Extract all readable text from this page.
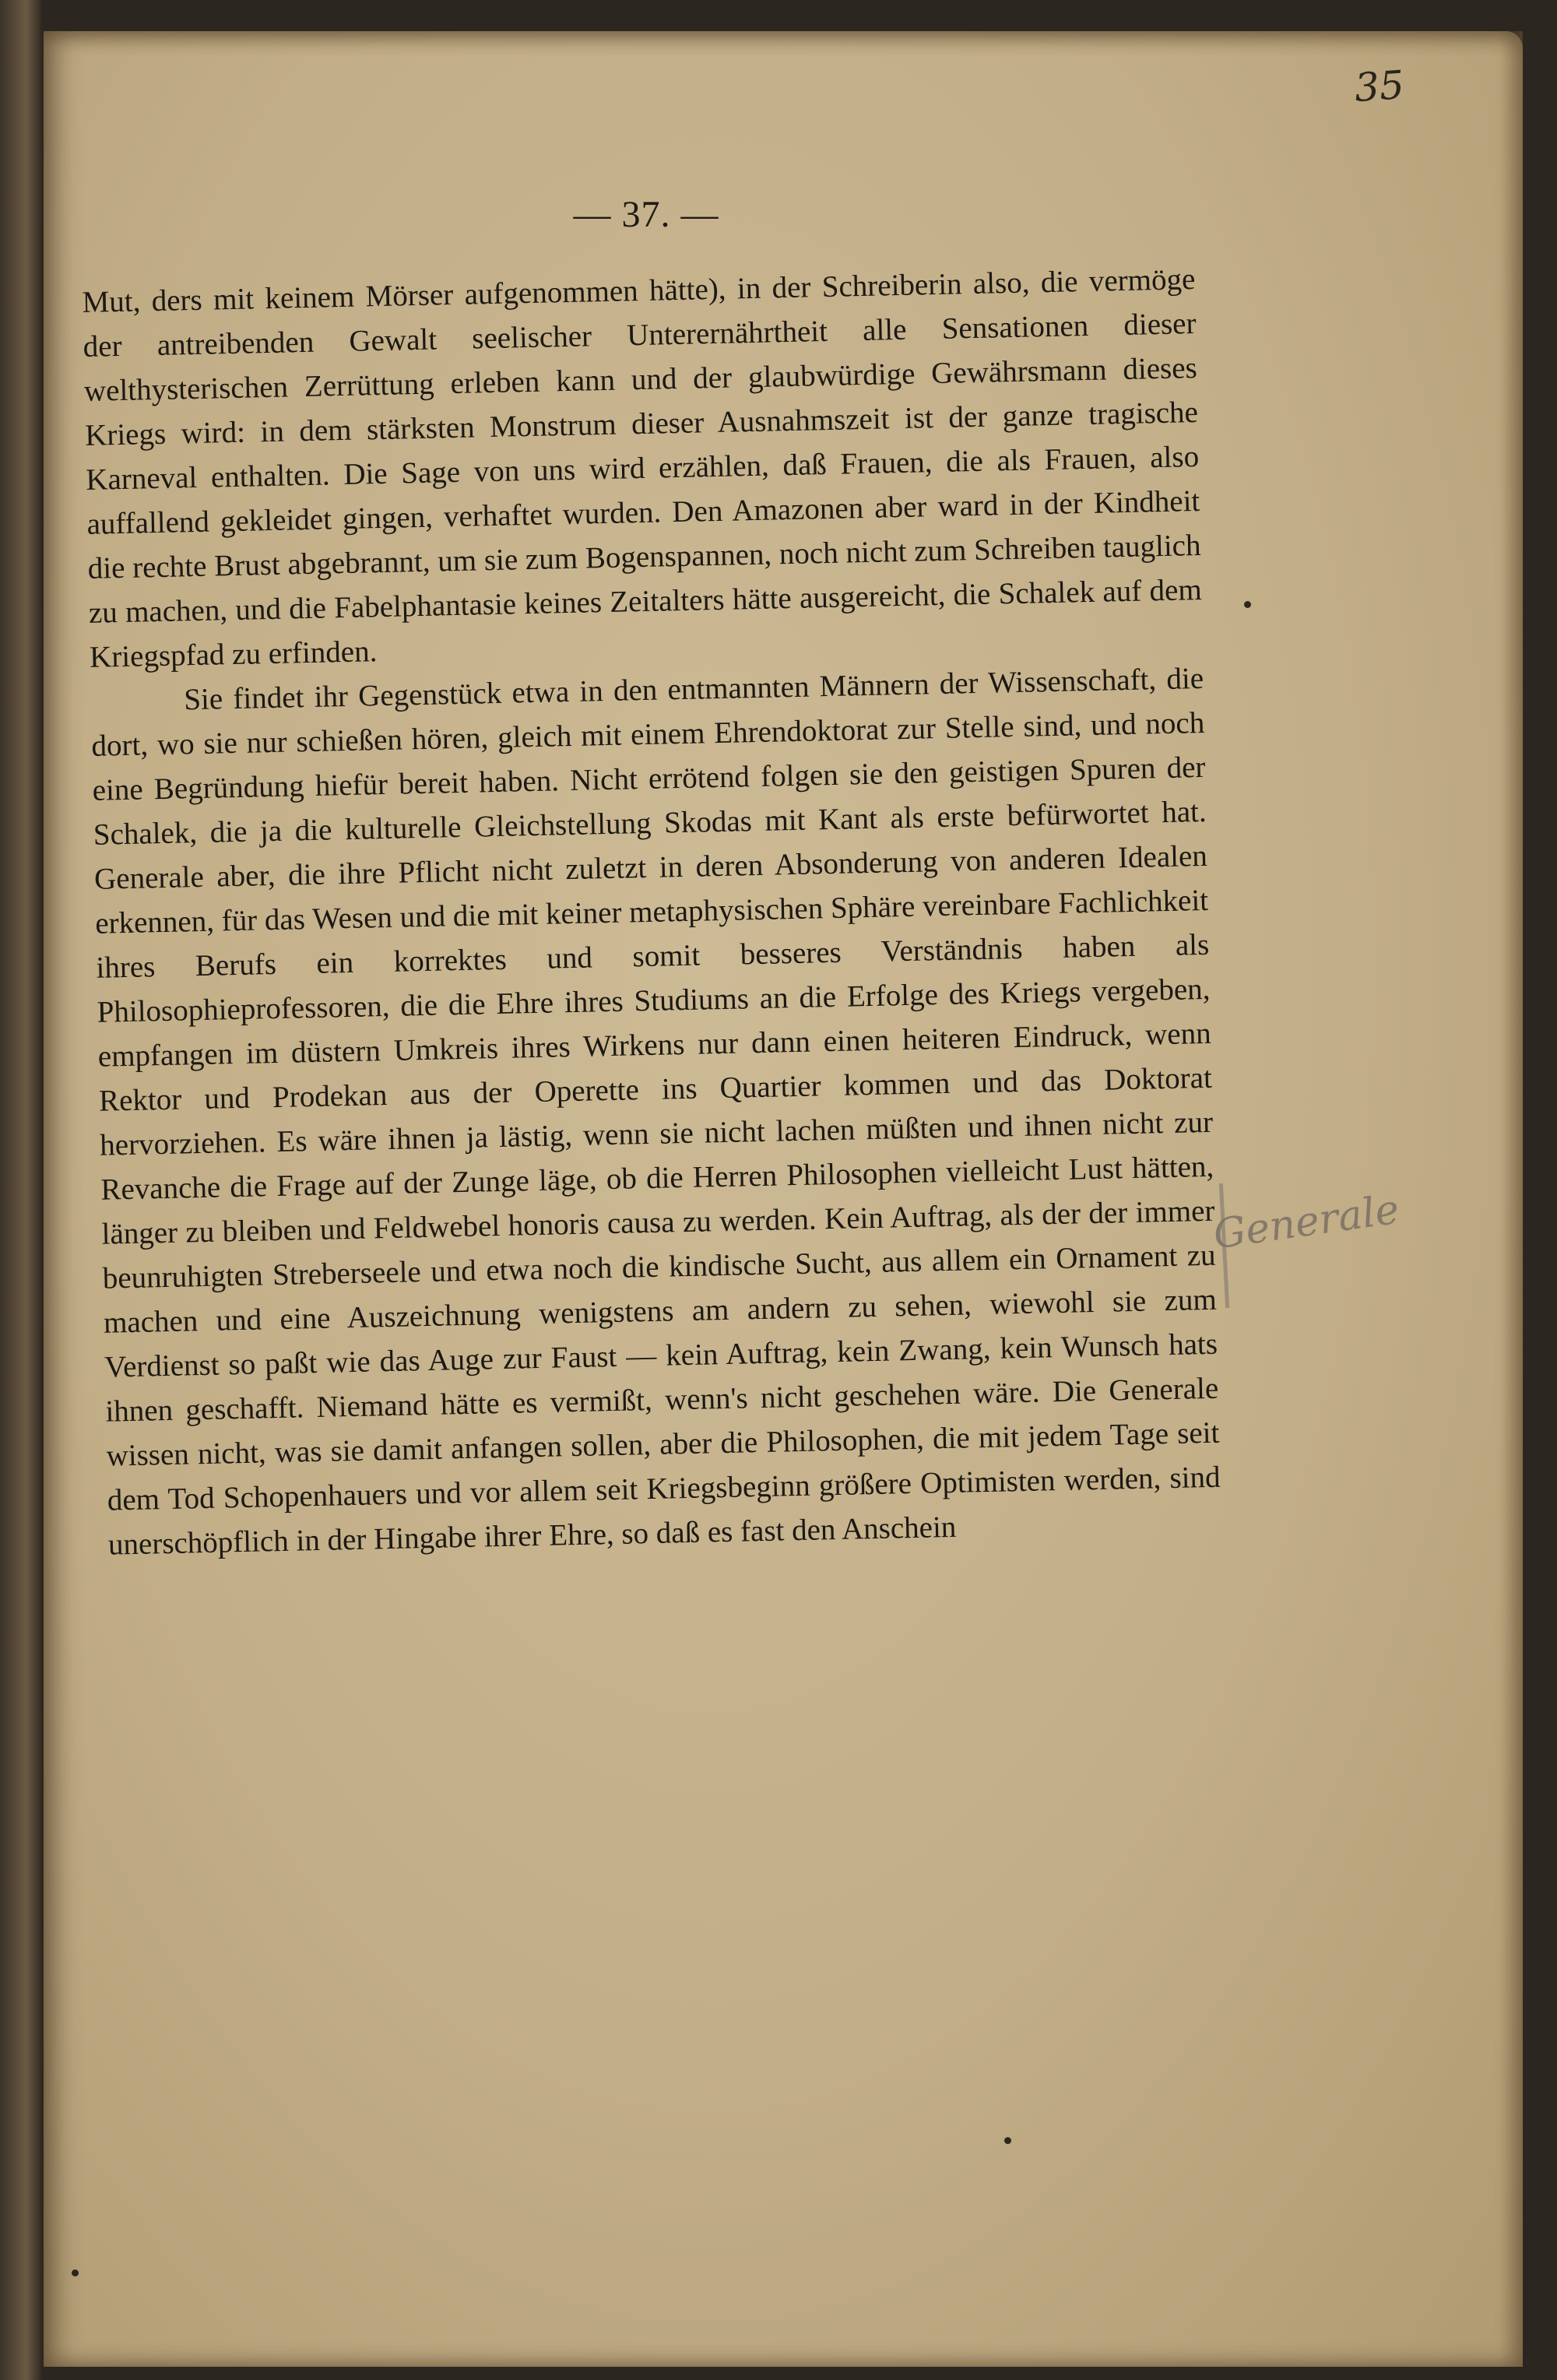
35
— 37. —

Mut, ders mit keinem Mörser aufgenommen hätte), in der Schreiberin also, die vermöge der antreibenden Gewalt seelischer Unterernährtheit alle Sensationen dieser welthysterischen Zerrüttung erleben kann und der glaubwürdige Gewährsmann dieses Kriegs wird: in dem stärksten Monstrum dieser Ausnahmszeit ist der ganze tragische Karneval enthalten. Die Sage von uns wird erzählen, daß Frauen, die als Frauen, also auffallend gekleidet gingen, verhaftet wurden. Den Amazonen aber ward in der Kindheit die rechte Brust abgebrannt, um sie zum Bogenspannen, noch nicht zum Schreiben tauglich zu machen, und die Fabelphantasie keines Zeitalters hätte ausgereicht, die Schalek auf dem Kriegspfad zu erfinden.

Sie findet ihr Gegenstück etwa in den entmannten Männern der Wissenschaft, die dort, wo sie nur schießen hören, gleich mit einem Ehrendoktorat zur Stelle sind, und noch eine Begründung hiefür bereit haben. Nicht errötend folgen sie den geistigen Spuren der Schalek, die ja die kulturelle Gleichstellung Skodas mit Kant als erste befürwortet hat. Generale aber, die ihre Pflicht nicht zuletzt in deren Absonderung von anderen Idealen erkennen, für das Wesen und die mit keiner metaphysischen Sphäre vereinbare Fachlichkeit ihres Berufs ein korrektes und somit besseres Verständnis haben als Philosophieprofessoren, die die Ehre ihres Studiums an die Erfolge des Kriegs vergeben, empfangen im düstern Umkreis ihres Wirkens nur dann einen heiteren Eindruck, wenn Rektor und Prodekan aus der Operette ins Quartier kommen und das Doktorat hervorziehen. Es wäre ihnen ja lästig, wenn sie nicht lachen müßten und ihnen nicht zur Revanche die Frage auf der Zunge läge, ob die Herren Philosophen vielleicht Lust hätten, länger zu bleiben und Feldwebel honoris causa zu werden. Kein Auftrag, als der der immer beunruhigten Streberseele und etwa noch die kindische Sucht, aus allem ein Ornament zu machen und eine Auszeichnung wenigstens am andern zu sehen, wiewohl sie zum Verdienst so paßt wie das Auge zur Faust — kein Auftrag, kein Zwang, kein Wunsch hats ihnen geschafft. Niemand hätte es vermißt, wenn's nicht geschehen wäre. Die Generale wissen nicht, was sie damit anfangen sollen, aber die Philosophen, die mit jedem Tage seit dem Tod Schopenhauers und vor allem seit Kriegsbeginn größere Optimisten werden, sind unerschöpflich in der Hingabe ihrer Ehre, so daß es fast den Anschein

Generale
